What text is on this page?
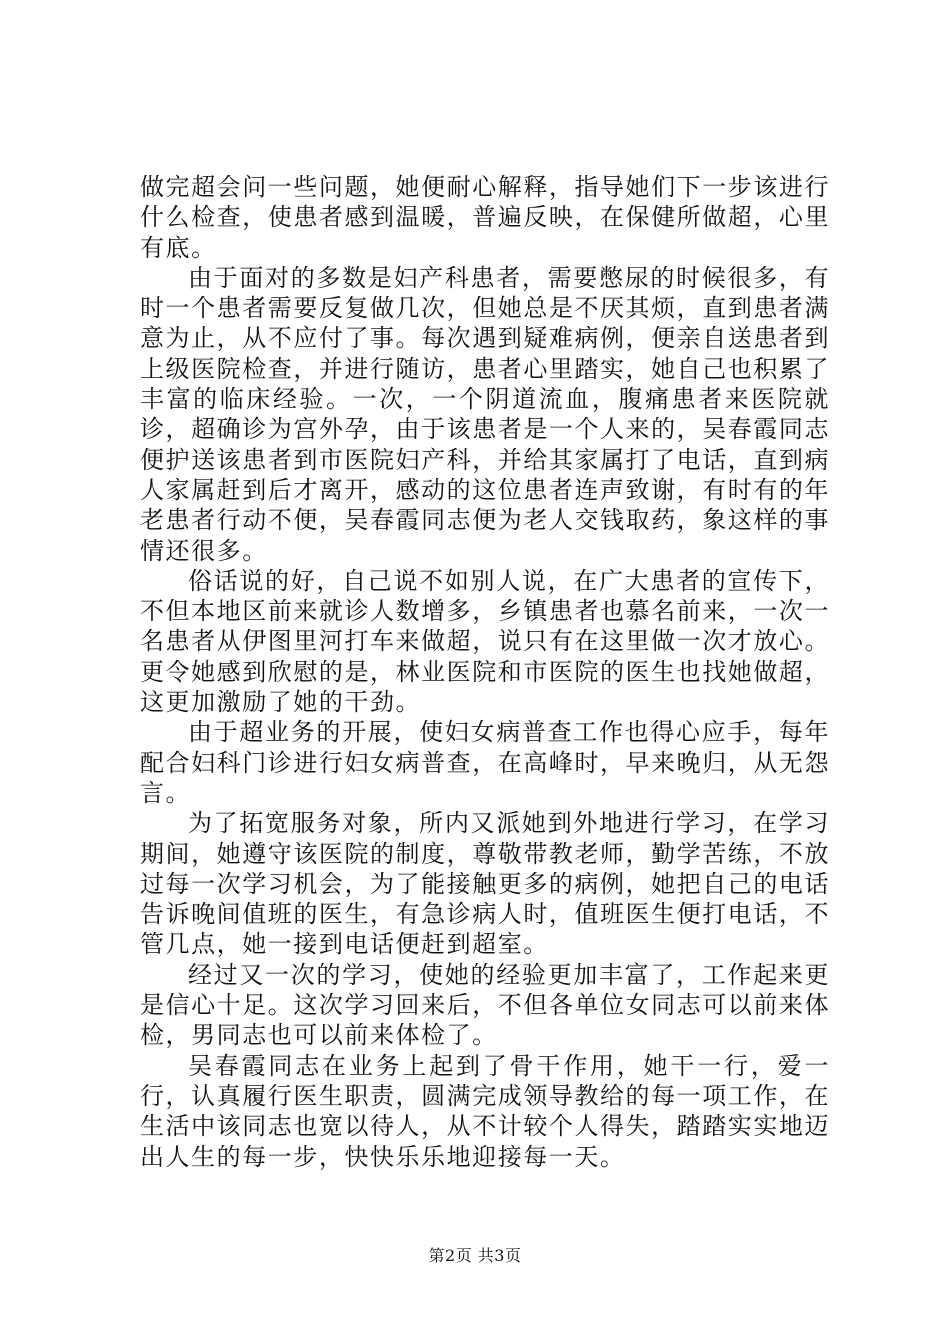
做完超会问一些问题，她便耐心解释，指导她们下一步该进行什么检查，使患者感到温暖，普遍反映，在保健所做超，心里有底。

由于面对的多数是妇产科患者，需要憋尿的时候很多，有时一个患者需要反复做几次，但她总是不厌其烦，直到患者满意为止，从不应付了事。每次遇到疑难病例，便亲自送患者到上级医院检查，并进行随访，患者心里踏实，她自己也积累了丰富的临床经验。一次，一个阴道流血，腹痛患者来医院就诊，超确诊为宫外孕，由于该患者是一个人来的，吴春霞同志便护送该患者到市医院妇产科，并给其家属打了电话，直到病人家属赶到后才离开，感动的这位患者连声致谢，有时有的年老患者行动不便，吴春霞同志便为老人交钱取药，象这样的事情还很多。

俗话说的好，自己说不如别人说，在广大患者的宣传下，不但本地区前来就诊人数增多，乡镇患者也慕名前来，一次一名患者从伊图里河打车来做超，说只有在这里做一次才放心。更令她感到欣慰的是，林业医院和市医院的医生也找她做超，这更加激励了她的干劲。

由于超业务的开展，使妇女病普查工作也得心应手，每年配合妇科门诊进行妇女病普查，在高峰时，早来晚归，从无怨言。

为了拓宽服务对象，所内又派她到外地进行学习，在学习期间，她遵守该医院的制度，尊敬带教老师，勤学苦练，不放过每一次学习机会，为了能接触更多的病例，她把自己的电话告诉晚间值班的医生，有急诊病人时，值班医生便打电话，不管几点，她一接到电话便赶到超室。

经过又一次的学习，使她的经验更加丰富了，工作起来更是信心十足。这次学习回来后，不但各单位女同志可以前来体检，男同志也可以前来体检了。

吴春霞同志在业务上起到了骨干作用，她干一行，爱一行，认真履行医生职责，圆满完成领导教给的每一项工作，在生活中该同志也宽以待人，从不计较个人得失，踏踏实实地迈出人生的每一步，快快乐乐地迎接每一天。

第2页 共3页
